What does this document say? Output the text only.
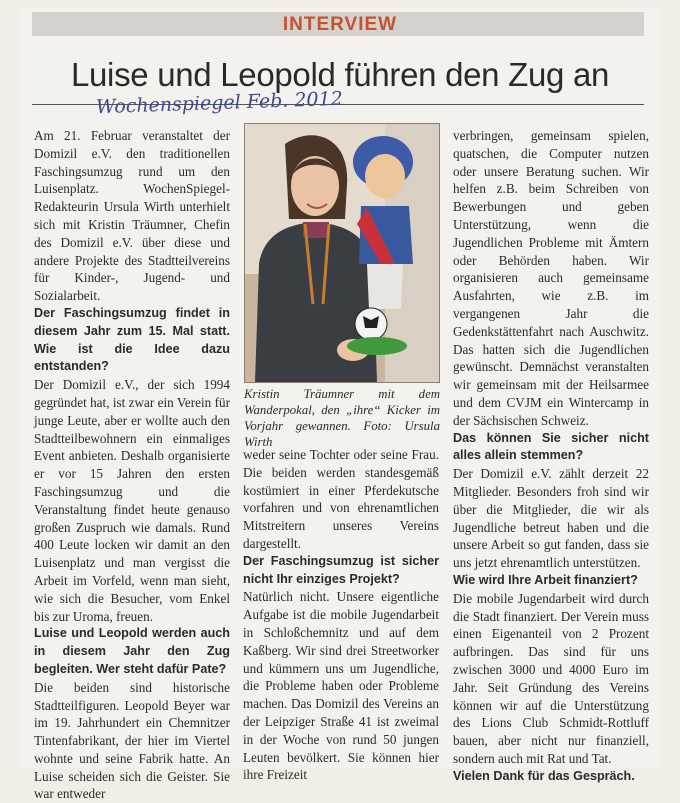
INTERVIEW
Luise und Leopold führen den Zug an
Wochenspiegel Feb. 2012

Am 21. Februar veranstaltet der Domizil e.V. den traditionellen Faschingsumzug rund um den Luisenplatz. WochenSpiegel-Redakteurin Ursula Wirth unterhielt sich mit Kristin Träumner, Chefin des Domizil e.V. über diese und andere Projekte des Stadtteilvereins für Kinder-, Jugend- und Sozialarbeit.

Der Faschingsumzug findet in diesem Jahr zum 15. Mal statt. Wie ist die Idee dazu entstanden?

Der Domizil e.V., der sich 1994 gegründet hat, ist zwar ein Verein für junge Leute, aber er wollte auch den Stadtteilbewohnern ein einmaliges Event anbieten. Deshalb organisierte er vor 15 Jahren den ersten Faschingsumzug und die Veranstaltung findet heute genauso großen Zuspruch wie damals. Rund 400 Leute locken wir damit an den Luisenplatz und man vergisst die Arbeit im Vorfeld, wenn man sieht, wie sich die Besucher, vom Enkel bis zur Uroma, freuen.

Luise und Leopold werden auch in diesem Jahr den Zug begleiten. Wer steht dafür Pate?

Die beiden sind historische Stadtteilfiguren. Leopold Beyer war im 19. Jahrhundert ein Chemnitzer Tintenfabrikant, der hier im Viertel wohnte und seine Fabrik hatte. An Luise scheiden sich die Geister. Sie war entweder

Kristin Träumner mit dem Wanderpokal, den „ihre“ Kicker im Vorjahr gewannen. Foto: Ursula Wirth

weder seine Tochter oder seine Frau. Die beiden werden standesgemäß kostümiert in einer Pferdekutsche vorfahren und von ehrenamtlichen Mitstreitern unseres Vereins dargestellt.

Der Faschingsumzug ist sicher nicht Ihr einziges Projekt?

Natürlich nicht. Unsere eigentliche Aufgabe ist die mobile Jugendarbeit in Schloßchemnitz und auf dem Kaßberg. Wir sind drei Streetworker und kümmern uns um Jugendliche, die Probleme haben oder Probleme machen. Das Domizil des Vereins an der Leipziger Straße 41 ist zweimal in der Woche von rund 50 jungen Leuten bevölkert. Sie können hier ihre Freizeit

verbringen, gemeinsam spielen, quatschen, die Computer nutzen oder unsere Beratung suchen. Wir helfen z.B. beim Schreiben von Bewerbungen und geben Unterstützung, wenn die Jugendlichen Probleme mit Ämtern oder Behörden haben. Wir organisieren auch gemeinsame Ausfahrten, wie z.B. im vergangenen Jahr die Gedenkstättenfahrt nach Auschwitz. Das hatten sich die Jugendlichen gewünscht. Demnächst veranstalten wir gemeinsam mit der Heilsarmee und dem CVJM ein Wintercamp in der Sächsischen Schweiz.

Das können Sie sicher nicht alles allein stemmen?

Der Domizil e.V. zählt derzeit 22 Mitglieder. Besonders froh sind wir über die Mitglieder, die wir als Jugendliche betreut haben und die unsere Arbeit so gut fanden, dass sie uns jetzt ehrenamtlich unterstützen.

Wie wird Ihre Arbeit finanziert?

Die mobile Jugendarbeit wird durch die Stadt finanziert. Der Verein muss einen Eigenanteil von 2 Prozent aufbringen. Das sind für uns zwischen 3000 und 4000 Euro im Jahr. Seit Gründung des Vereins können wir auf die Unterstützung des Lions Club Schmidt-Rottluff bauen, aber nicht nur finanziell, sondern auch mit Rat und Tat.

Vielen Dank für das Gespräch.
